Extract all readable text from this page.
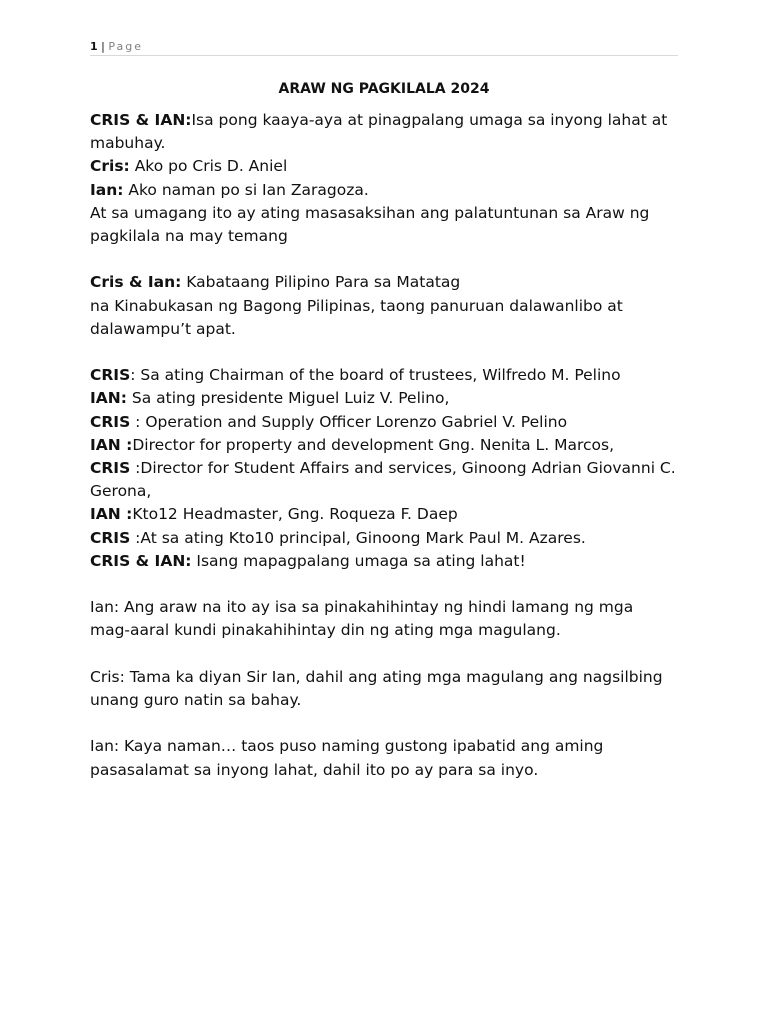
1 | Page
ARAW NG PAGKILALA 2024
CRIS & IAN:Isa pong kaaya-aya at pinagpalang umaga sa inyong lahat at
mabuhay.
Cris: Ako po Cris D. Aniel
Ian: Ako naman po si Ian Zaragoza.
At sa umagang ito ay ating masasaksihan ang palatuntunan sa Araw ng
pagkilala na may temang
Cris & Ian: Kabataang Pilipino Para sa Matatag
na Kinabukasan ng Bagong Pilipinas, taong panuruan dalawanlibo at
dalawampu’t apat.
CRIS: Sa ating Chairman of the board of trustees, Wilfredo M. Pelino
IAN: Sa ating presidente Miguel Luiz V. Pelino,
CRIS : Operation and Supply Officer Lorenzo Gabriel V. Pelino
IAN :Director for property and development Gng. Nenita L. Marcos,
CRIS :Director for Student Affairs and services, Ginoong Adrian Giovanni C.
Gerona,
IAN :Kto12 Headmaster, Gng. Roqueza F. Daep
CRIS :At sa ating Kto10 principal, Ginoong Mark Paul M. Azares.
CRIS & IAN: Isang mapagpalang umaga sa ating lahat!
Ian: Ang araw na ito ay isa sa pinakahihintay ng hindi lamang ng mga
mag-aaral kundi pinakahihintay din ng ating mga magulang.
Cris: Tama ka diyan Sir Ian, dahil ang ating mga magulang ang nagsilbing
unang guro natin sa bahay.
Ian: Kaya naman… taos puso naming gustong ipabatid ang aming
pasasalamat sa inyong lahat, dahil ito po ay para sa inyo.
